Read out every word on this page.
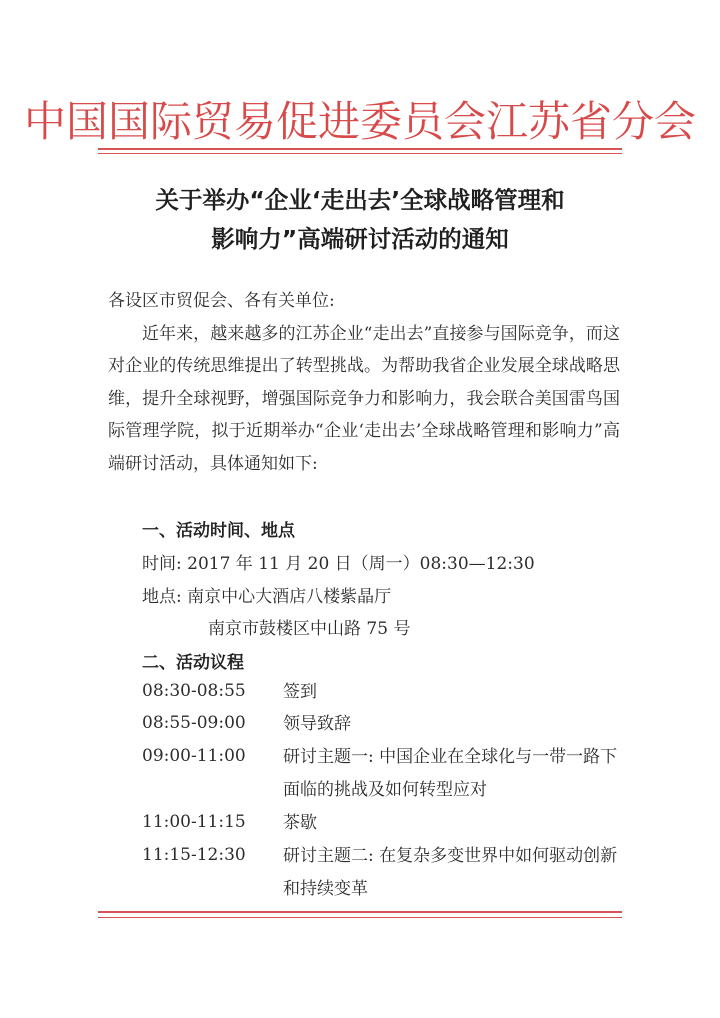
中国国际贸易促进委员会江苏省分会
关于举办“企业‘走出去’全球战略管理和
影响力”高端研讨活动的通知
各设区市贸促会、各有关单位:
近年来，越来越多的江苏企业“走出去”直接参与国际竞争，而这对企业的传统思维提出了转型挑战。为帮助我省企业发展全球战略思维，提升全球视野，增强国际竞争力和影响力，我会联合美国雷鸟国际管理学院，拟于近期举办“企业‘走出去’全球战略管理和影响力”高端研讨活动，具体通知如下:
一、活动时间、地点
时间: 2017 年 11 月 20 日（周一）08:30—12:30
地点: 南京中心大酒店八楼紫晶厅
南京市鼓楼区中山路 75 号
二、活动议程
08:30-08:55 签到
08:55-09:00 领导致辞
09:00-11:00 研讨主题一: 中国企业在全球化与一带一路下面临的挑战及如何转型应对
11:00-11:15 茶歇
11:15-12:30 研讨主题二: 在复杂多变世界中如何驱动创新和持续变革
